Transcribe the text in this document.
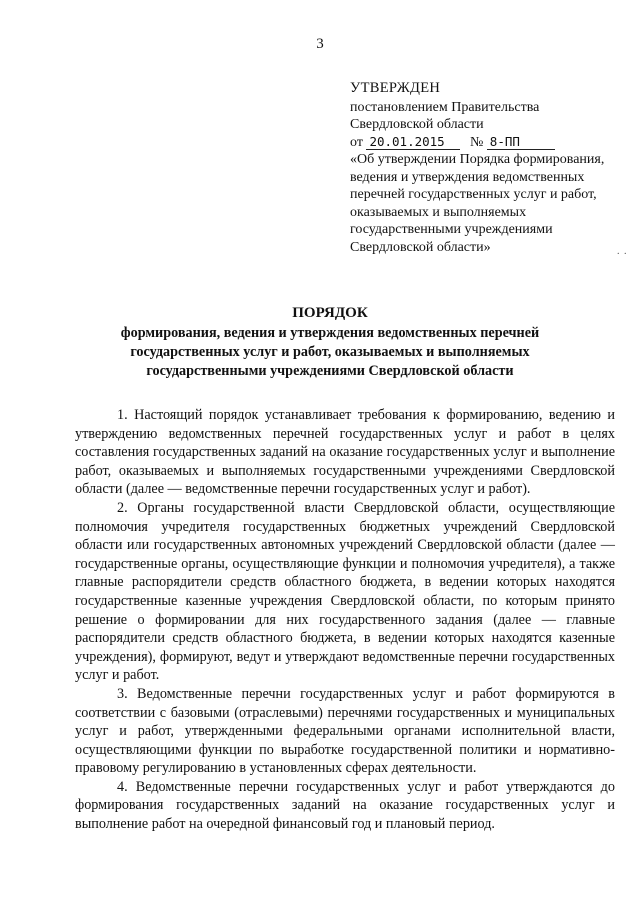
3
УТВЕРЖДЕН
постановлением Правительства
Свердловской области
от 20.01.2015 № 8-ПП
«Об утверждении Порядка формирования, ведения и утверждения ведомственных перечней государственных услуг и работ, оказываемых и выполняемых государственными учреждениями Свердловской области»	. .
ПОРЯДОК
формирования, ведения и утверждения ведомственных перечней государственных услуг и работ, оказываемых и выполняемых государственными учреждениями Свердловской области

1. Настоящий порядок устанавливает требования к формированию, ведению и утверждению ведомственных перечней государственных услуг и работ в целях составления государственных заданий на оказание государственных услуг и выполнение работ, оказываемых и выполняемых государственными учреждениями Свердловской области (далее — ведомственные перечни государственных услуг и работ).

2. Органы государственной власти Свердловской области, осуществляющие полномочия учредителя государственных бюджетных учреждений Свердловской области или государственных автономных учреждений Свердловской области (далее — государственные органы, осуществляющие функции и полномочия учредителя), а также главные распорядители средств областного бюджета, в ведении которых находятся государственные казенные учреждения Свердловской области, по которым принято решение о формировании для них государственного задания (далее — главные распорядители средств областного бюджета, в ведении которых находятся казенные учреждения), формируют, ведут и утверждают ведомственные перечни государственных услуг и работ.

3. Ведомственные перечни государственных услуг и работ формируются в соответствии с базовыми (отраслевыми) перечнями государственных и муниципальных услуг и работ, утвержденными федеральными органами исполнительной власти, осуществляющими функции по выработке государственной политики и нормативно-правовому регулированию в установленных сферах деятельности.

4. Ведомственные перечни государственных услуг и работ утверждаются до формирования государственных заданий на оказание государственных услуг и выполнение работ на очередной финансовый год и плановый период.
